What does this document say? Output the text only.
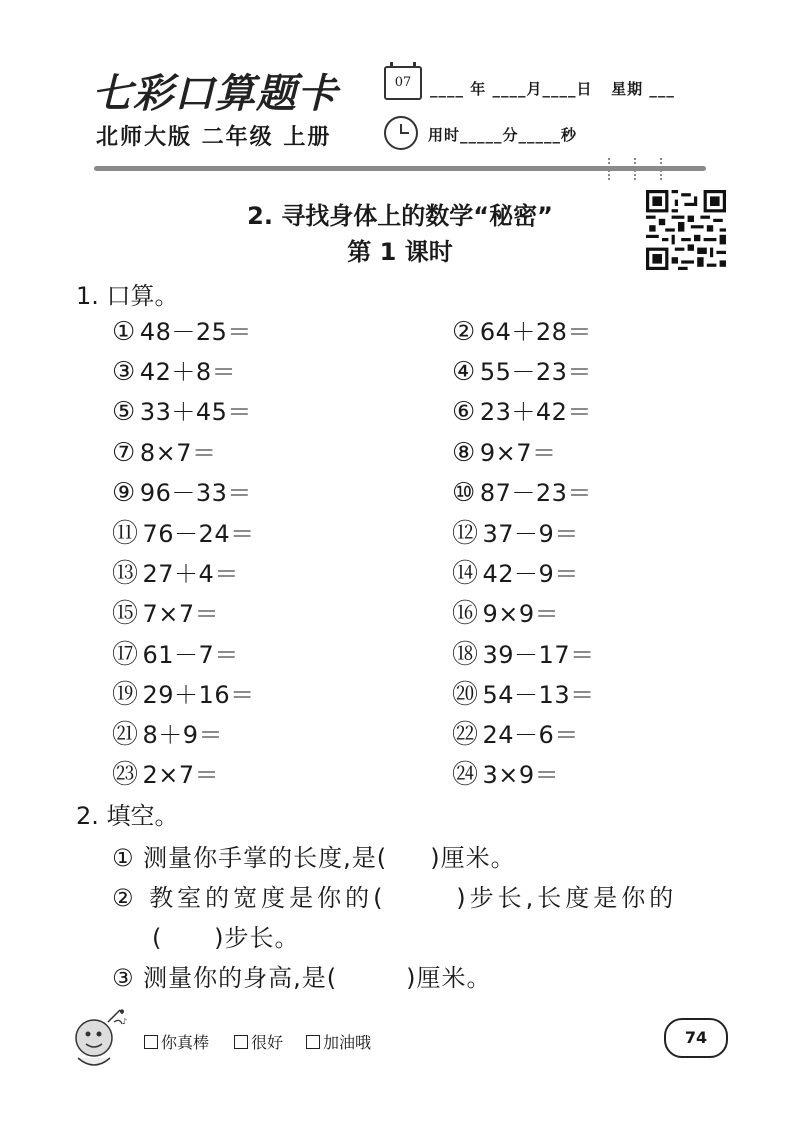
七彩口算题卡
北师大版 二年级 上册
07	____ 年 ____月____日   星期 ___
用时_____分_____秒
2. 寻找身体上的数学“秘密”
第 1 课时
1. 口算。
① 48－25＝	② 64＋28＝
③ 42＋8＝	④ 55－23＝
⑤ 33＋45＝	⑥ 23＋42＝
⑦ 8×7＝	⑧ 9×7＝
⑨ 96－33＝	⑩ 87－23＝
⑪ 76－24＝	⑫ 37－9＝
⑬ 27＋4＝	⑭ 42－9＝
⑮ 7×7＝	⑯ 9×9＝
⑰ 61－7＝	⑱ 39－17＝
⑲ 29＋16＝	⑳ 54－13＝
㉑ 8＋9＝	㉒ 24－6＝
㉓ 2×7＝	㉔ 3×9＝
2. 填空。
① 测量你手掌的长度,是(     )厘米。
② 教室的宽度是你的(      )步长,长度是你的
(      )步长。
③ 测量你的身高,是(        )厘米。
♪
你真棒	很好	加油哦	74
